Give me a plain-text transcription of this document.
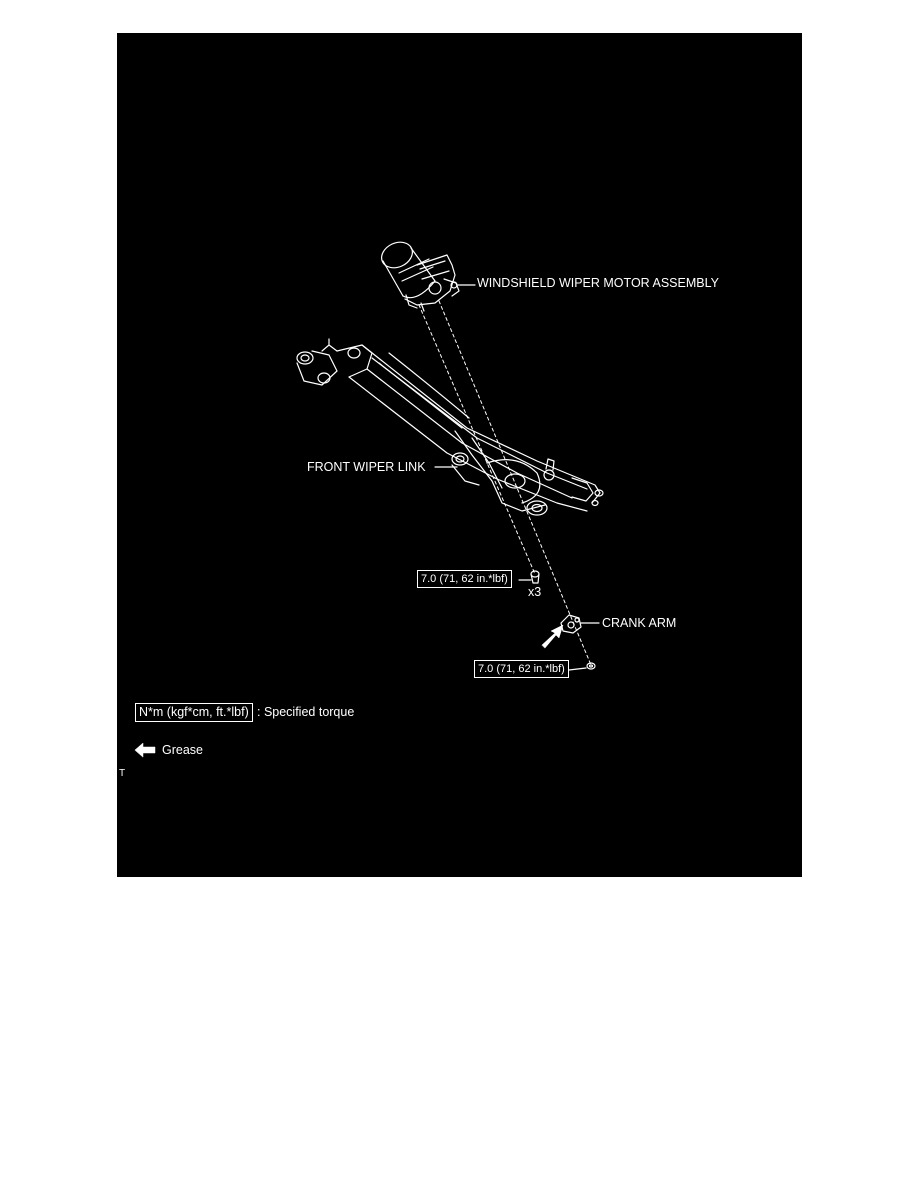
WINDSHIELD WIPER MOTOR ASSEMBLY
FRONT WIPER LINK
CRANK ARM
x3
7.0 (71, 62 in.*lbf)
7.0 (71, 62 in.*lbf)
N*m (kgf*cm, ft.*lbf) : Specified torque
Grease
T
